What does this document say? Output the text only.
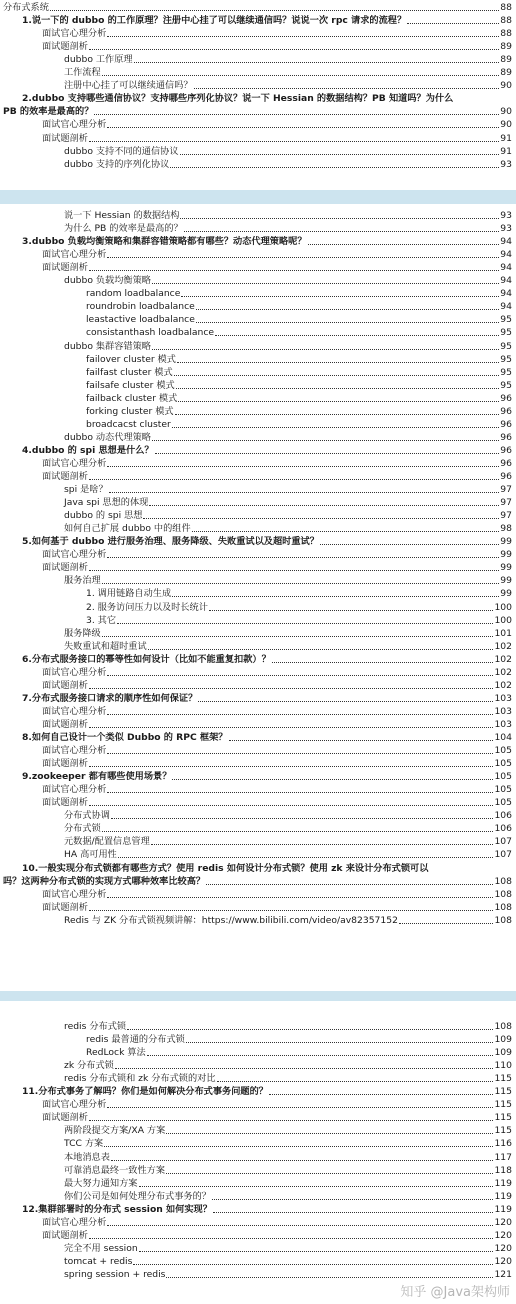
分布式系统	88
1.说一下的 dubbo 的工作原理？注册中心挂了可以继续通信吗？说说一次 rpc 请求的流程？	88
面试官心理分析	88
面试题剖析	89
dubbo 工作原理	89
工作流程	89
注册中心挂了可以继续通信吗？	90
2.dubbo 支持哪些通信协议？支持哪些序列化协议？说一下 Hessian 的数据结构？PB 知道吗？为什么
PB 的效率是最高的？	90
面试官心理分析	90
面试题剖析	91
dubbo 支持不同的通信协议	91
dubbo 支持的序列化协议	93
说一下 Hessian 的数据结构	93
为什么 PB 的效率是最高的？	93
3.dubbo 负载均衡策略和集群容错策略都有哪些？动态代理策略呢？	94
面试官心理分析	94
面试题剖析	94
dubbo 负载均衡策略	94
random loadbalance	94
roundrobin loadbalance	94
leastactive loadbalance	95
consistanthash loadbalance	95
dubbo 集群容错策略	95
failover cluster 模式	95
failfast cluster 模式	95
failsafe cluster 模式	95
failback cluster 模式	96
forking cluster 模式	96
broadcacst cluster	96
dubbo 动态代理策略	96
4.dubbo 的 spi 思想是什么？	96
面试官心理分析	96
面试题剖析	96
spi 是啥？	97
Java spi 思想的体现	97
dubbo 的 spi 思想	97
如何自己扩展 dubbo 中的组件	98
5.如何基于 dubbo 进行服务治理、服务降级、失败重试以及超时重试？	99
面试官心理分析	99
面试题剖析	99
服务治理	99
1. 调用链路自动生成	99
2. 服务访问压力以及时长统计	100
3. 其它	100
服务降级	101
失败重试和超时重试	102
6.分布式服务接口的幂等性如何设计（比如不能重复扣款）？	102
面试官心理分析	102
面试题剖析	102
7.分布式服务接口请求的顺序性如何保证？	103
面试官心理分析	103
面试题剖析	103
8.如何自己设计一个类似 Dubbo 的 RPC 框架？	104
面试官心理分析	105
面试题剖析	105
9.zookeeper 都有哪些使用场景？	105
面试官心理分析	105
面试题剖析	105
分布式协调	106
分布式锁	106
元数据/配置信息管理	107
HA 高可用性	107
10.一般实现分布式锁都有哪些方式？使用 redis 如何设计分布式锁？使用 zk 来设计分布式锁可以
吗？这两种分布式锁的实现方式哪种效率比较高？	108
面试官心理分析	108
面试题剖析	108
Redis 与 ZK 分布式锁视频讲解：https://www.bilibili.com/video/av82357152	108
知乎 @Java架构师
redis 分布式锁	108
redis 最普通的分布式锁	109
RedLock 算法	109
zk 分布式锁	110
redis 分布式锁和 zk 分布式锁的对比	115
11.分布式事务了解吗？你们是如何解决分布式事务问题的？	115
面试官心理分析	115
面试题剖析	115
两阶段提交方案/XA 方案	115
TCC 方案	116
本地消息表	117
可靠消息最终一致性方案	118
最大努力通知方案	119
你们公司是如何处理分布式事务的？	119
12.集群部署时的分布式 session 如何实现？	119
面试官心理分析	120
面试题剖析	120
完全不用 session	120
tomcat + redis	120
spring session + redis	121
